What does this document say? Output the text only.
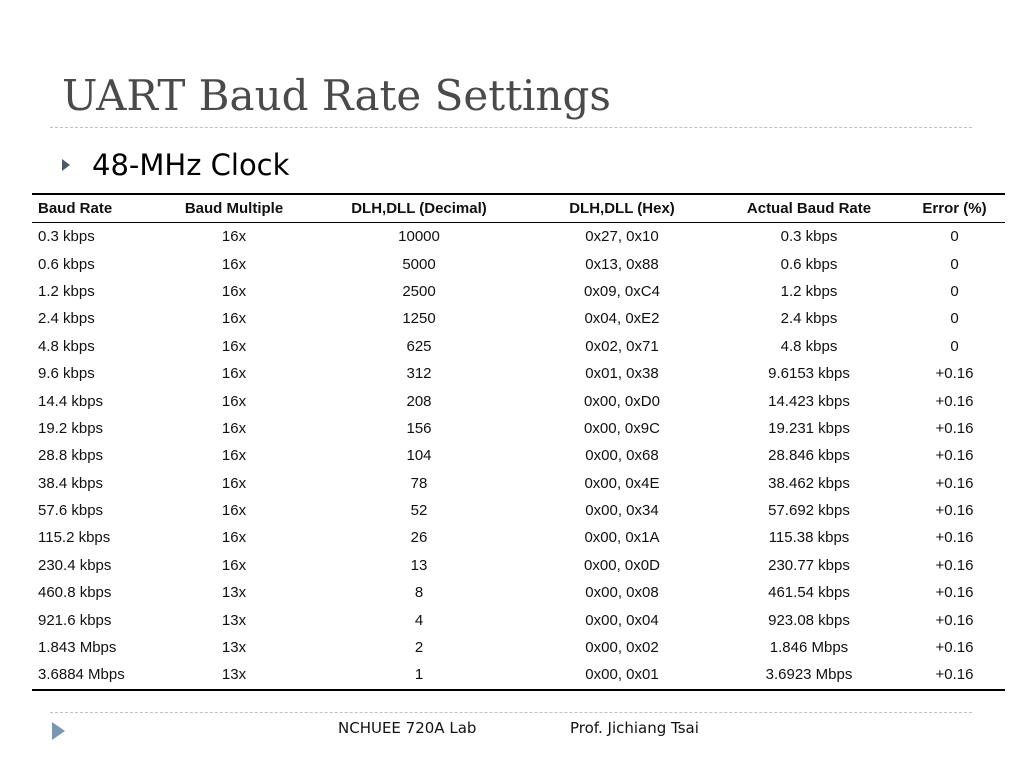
UART Baud Rate Settings
48-MHz Clock
Baud Rate	Baud Multiple	DLH,DLL (Decimal)	DLH,DLL (Hex)	Actual Baud Rate	Error (%)
0.3 kbps	16x	10000	0x27, 0x10	0.3 kbps	0
0.6 kbps	16x	5000	0x13, 0x88	0.6 kbps	0
1.2 kbps	16x	2500	0x09, 0xC4	1.2 kbps	0
2.4 kbps	16x	1250	0x04, 0xE2	2.4 kbps	0
4.8 kbps	16x	625	0x02, 0x71	4.8 kbps	0
9.6 kbps	16x	312	0x01, 0x38	9.6153 kbps	+0.16
14.4 kbps	16x	208	0x00, 0xD0	14.423 kbps	+0.16
19.2 kbps	16x	156	0x00, 0x9C	19.231 kbps	+0.16
28.8 kbps	16x	104	0x00, 0x68	28.846 kbps	+0.16
38.4 kbps	16x	78	0x00, 0x4E	38.462 kbps	+0.16
57.6 kbps	16x	52	0x00, 0x34	57.692 kbps	+0.16
115.2 kbps	16x	26	0x00, 0x1A	115.38 kbps	+0.16
230.4 kbps	16x	13	0x00, 0x0D	230.77 kbps	+0.16
460.8 kbps	13x	8	0x00, 0x08	461.54 kbps	+0.16
921.6 kbps	13x	4	0x00, 0x04	923.08 kbps	+0.16
1.843 Mbps	13x	2	0x00, 0x02	1.846 Mbps	+0.16
3.6884 Mbps	13x	1	0x00, 0x01	3.6923 Mbps	+0.16
NCHUEE 720A Lab	Prof. Jichiang Tsai
